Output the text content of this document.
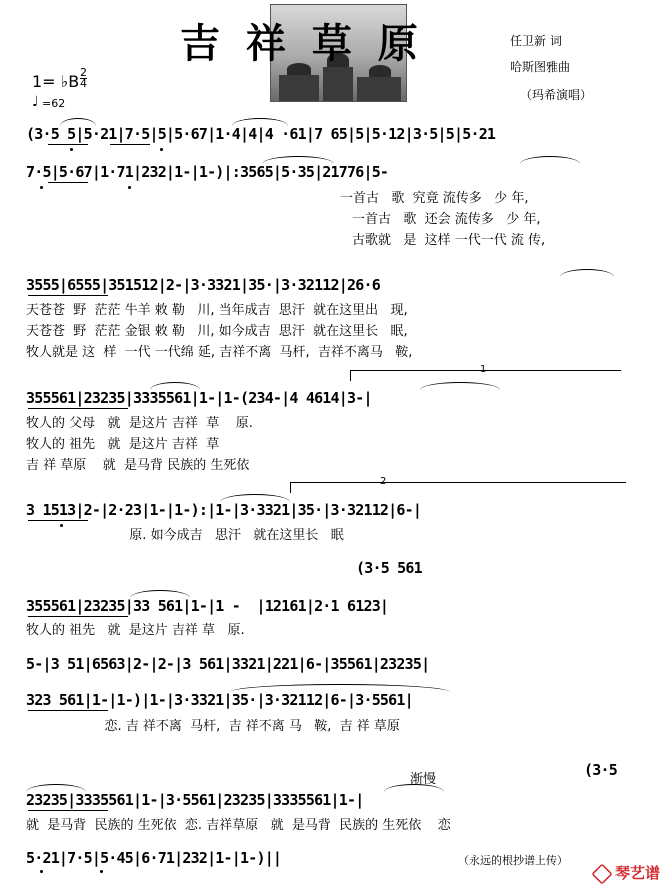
吉 祥 草 原	任卫新 词
哈斯图雅曲
（玛希演唱）
1= ♭B 2
4
♩ =62
(3·5 5|5·21|7·5|5|5·67|1·4|4|4 ·61|7 65|5|5·12|3·5|5|5·21
7·5|5·67|1·71|232|1-|1-)|:3565|5·35|21776|5-
一首古   歌  究竟 流传多   少 年,
一首古   歌  还会 流传多   少 年,
古歌就   是  这样 一代一代 流 传,
3555|6555|351512|2-|3·3321|35·|3·32112|26·6
天苍苍  野  茫茫 牛羊 敕 勒   川, 当年成吉  思汗  就在这里出   现,
天苍苍  野  茫茫 金银 敕 勒   川, 如今成吉  思汗  就在这里长   眠,
牧人就是 这  样  一代 一代绵 延, 吉祥不离  马杆,  吉祥不离马   鞍,
1
355561|23235|3335561|1-|1-(234-|4 4614|3-|
牧人的 父母   就  是这片 吉祥  草    原.
牧人的 祖先   就  是这片 吉祥  草
吉 祥 草原    就  是马背 民族的 生死依
2
3 1513|2-|2·23|1-|1-):|1-|3·3321|35·|3·32112|6-|
原. 如今成吉   思汗   就在这里长   眠
(3·5 561
355561|23235|33 561|1-|1 -  |12161|2·1 6123|
牧人的 祖先   就  是这片 吉祥 草   原.
5-|3 51|6563|2-|2-|3 561|3321|221|6-|35561|23235|
323 561|1-|1-)|1-|3·3321|35·|3·32112|6-|3·5561|
恋. 吉 祥不离  马杆,  吉 祥不离 马   鞍,  吉 祥 草原
渐慢
(3·5
23235|3335561|1-|3·5561|23235|3335561|1-|
就  是马背  民族的 生死依  恋. 吉祥草原   就  是马背  民族的 生死依    恋
5·21|7·5|5·45|6·71|232|1-|1-)||	（永远的根抄谱上传）
琴艺谱
